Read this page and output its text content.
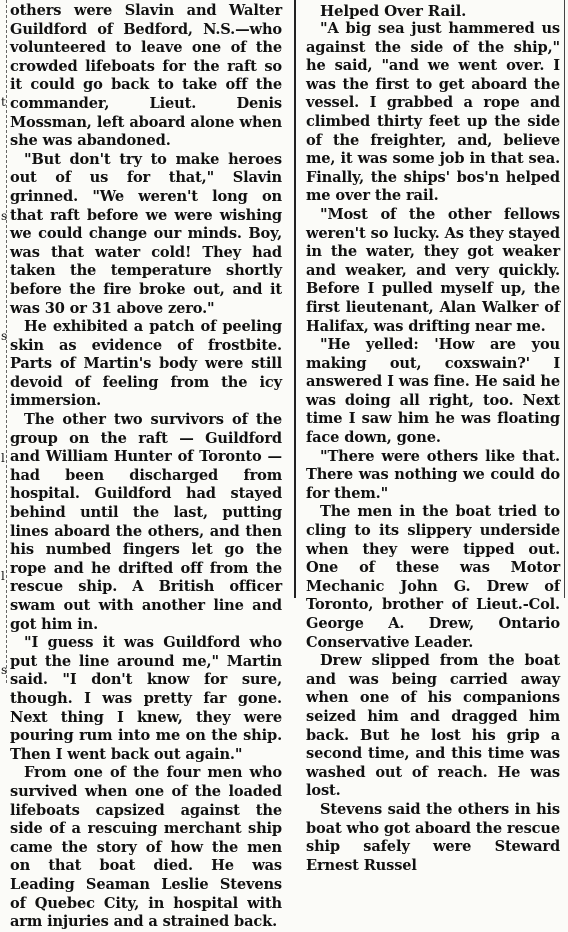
t
s
s
l
l
s

others were Slavin and Walter Guildford of Bedford, N.S.—who volunteered to leave one of the crowded lifeboats for the raft so it could go back to take off the commander, Lieut. Denis Mossman, left aboard alone when she was abandoned.

"But don't try to make heroes out of us for that," Slavin grinned. "We weren't long on that raft before we were wishing we could change our minds. Boy, was that water cold! They had taken the temperature shortly before the fire broke out, and it was 30 or 31 above zero."

He exhibited a patch of peeling skin as evidence of frostbite. Parts of Martin's body were still devoid of feeling from the icy immersion.

The other two survivors of the group on the raft — Guildford and William Hunter of Toronto — had been discharged from hospital. Guildford had stayed behind until the last, putting lines aboard the others, and then his numbed fingers let go the rope and he drifted off from the rescue ship. A British officer swam out with another line and got him in.

"I guess it was Guildford who put the line around me," Martin said. "I don't know for sure, though. I was pretty far gone. Next thing I knew, they were pouring rum into me on the ship. Then I went back out again."

From one of the four men who survived when one of the loaded lifeboats capsized against the side of a rescuing merchant ship came the story of how the men on that boat died. He was Leading Seaman Leslie Stevens of Quebec City, in hospital with arm injuries and a strained back.

Helped Over Rail.

"A big sea just hammered us against the side of the ship," he said, "and we went over. I was the first to get aboard the vessel. I grabbed a rope and climbed thirty feet up the side of the freighter, and, believe me, it was some job in that sea. Finally, the ships' bos'n helped me over the rail.

"Most of the other fellows weren't so lucky. As they stayed in the water, they got weaker and weaker, and very quickly. Before I pulled myself up, the first lieutenant, Alan Walker of Halifax, was drifting near me.

"He yelled: 'How are you making out, coxswain?' I answered I was fine. He said he was doing all right, too. Next time I saw him he was floating face down, gone.

"There were others like that. There was nothing we could do for them."

The men in the boat tried to cling to its slippery underside when they were tipped out. One of these was Motor Mechanic John G. Drew of Toronto, brother of Lieut.-Col. George A. Drew, Ontario Conservative Leader.

Drew slipped from the boat and was being carried away when one of his companions seized him and dragged him back. But he lost his grip a second time, and this time was washed out of reach. He was lost.

Stevens said the others in his boat who got aboard the rescue ship safely were Steward Ernest Russel
